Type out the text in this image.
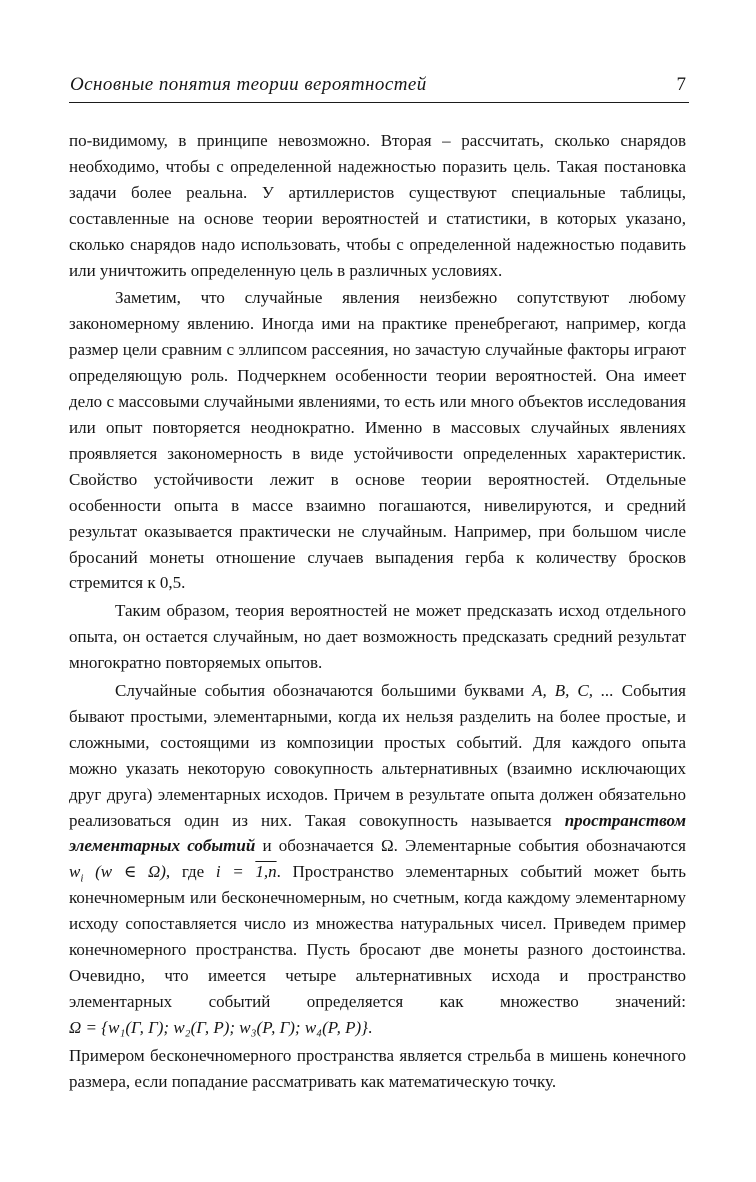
Основные понятия теории вероятностей	7

по-видимому, в принципе невозможно. Вторая – рассчитать, сколько снарядов необходимо, чтобы с определенной надежностью поразить цель. Такая постановка задачи более реальна. У артиллеристов существуют специальные таблицы, составленные на основе теории вероятностей и статистики, в которых указано, сколько снарядов надо использовать, чтобы с определенной надежностью подавить или уничтожить определенную цель в различных условиях.

Заметим, что случайные явления неизбежно сопутствуют любому закономерному явлению. Иногда ими на практике пренебрегают, например, когда размер цели сравним с эллипсом рассеяния, но зачастую случайные факторы играют определяющую роль. Подчеркнем особенности теории вероятностей. Она имеет дело с массовыми случайными явлениями, то есть или много объектов исследования или опыт повторяется неоднократно. Именно в массовых случайных явлениях проявляется закономерность в виде устойчивости определенных характеристик. Свойство устойчивости лежит в основе теории вероятностей. Отдельные особенности опыта в массе взаимно погашаются, нивелируются, и средний результат оказывается практически не случайным. Например, при большом числе бросаний монеты отношение случаев выпадения герба к количеству бросков стремится к 0,5.

Таким образом, теория вероятностей не может предсказать исход отдельного опыта, он остается случайным, но дает возможность предсказать средний результат многократно повторяемых опытов.

Случайные события обозначаются большими буквами A, B, C, ... События бывают простыми, элементарными, когда их нельзя разделить на более простые, и сложными, состоящими из композиции простых событий. Для каждого опыта можно указать некоторую совокупность альтернативных (взаимно исключающих друг друга) элементарных исходов. Причем в результате опыта должен обязательно реализоваться один из них. Такая совокупность называется пространством элементарных событий и обозначается Ω. Элементарные события обозначаются $w_i$ (w ∈ Ω), где i = 1,n. Пространство элементарных событий может быть конечномерным или бесконечномерным, но счетным, когда каждому элементарному исходу сопоставляется число из множества натуральных чисел. Приведем пример конечномерного пространства. Пусть бросают две монеты разного достоинства. Очевидно, что имеется четыре альтернативных исхода и пространство элементарных событий определяется как множество значений: Ω = {w₁(Г, Г); w₂(Г, Р); w₃(Р, Г); w₄(Р, Р)}.

Примером бесконечномерного пространства является стрельба в мишень конечного размера, если попадание рассматривать как математическую точку.
